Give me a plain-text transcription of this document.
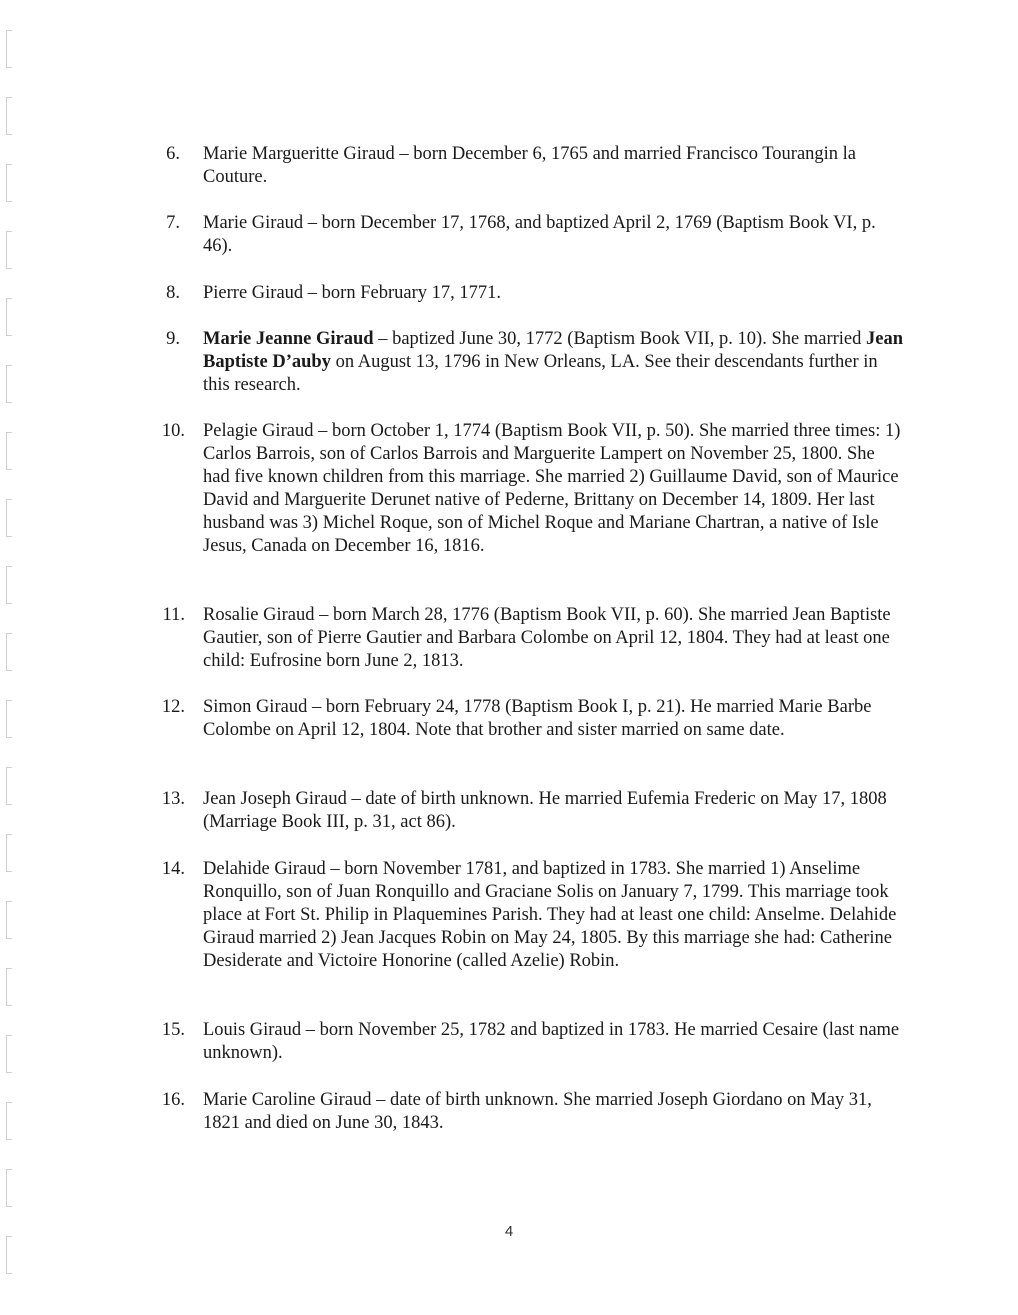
6. Marie Margueritte Giraud – born December 6, 1765 and married Francisco Tourangin la Couture.
7. Marie Giraud – born December 17, 1768, and baptized April 2, 1769 (Baptism Book VI, p. 46).
8. Pierre Giraud – born February 17, 1771.
9. Marie Jeanne Giraud – baptized June 30, 1772 (Baptism Book VII, p. 10). She married Jean Baptiste D’auby on August 13, 1796 in New Orleans, LA. See their descendants further in this research.
10. Pelagie Giraud – born October 1, 1774 (Baptism Book VII, p. 50). She married three times: 1) Carlos Barrois, son of Carlos Barrois and Marguerite Lampert on November 25, 1800. She had five known children from this marriage. She married 2) Guillaume David, son of Maurice David and Marguerite Derunet native of Pederne, Brittany on December 14, 1809. Her last husband was 3) Michel Roque, son of Michel Roque and Mariane Chartran, a native of Isle Jesus, Canada on December 16, 1816.
11. Rosalie Giraud – born March 28, 1776 (Baptism Book VII, p. 60). She married Jean Baptiste Gautier, son of Pierre Gautier and Barbara Colombe on April 12, 1804. They had at least one child: Eufrosine born June 2, 1813.
12. Simon Giraud – born February 24, 1778 (Baptism Book I, p. 21). He married Marie Barbe Colombe on April 12, 1804. Note that brother and sister married on same date.
13. Jean Joseph Giraud – date of birth unknown. He married Eufemia Frederic on May 17, 1808 (Marriage Book III, p. 31, act 86).
14. Delahide Giraud – born November 1781, and baptized in 1783. She married 1) Anselime Ronquillo, son of Juan Ronquillo and Graciane Solis on January 7, 1799. This marriage took place at Fort St. Philip in Plaquemines Parish. They had at least one child: Anselme. Delahide Giraud married 2) Jean Jacques Robin on May 24, 1805. By this marriage she had: Catherine Desiderate and Victoire Honorine (called Azelie) Robin.
15. Louis Giraud – born November 25, 1782 and baptized in 1783. He married Cesaire (last name unknown).
16. Marie Caroline Giraud – date of birth unknown. She married Joseph Giordano on May 31, 1821 and died on June 30, 1843.
4
